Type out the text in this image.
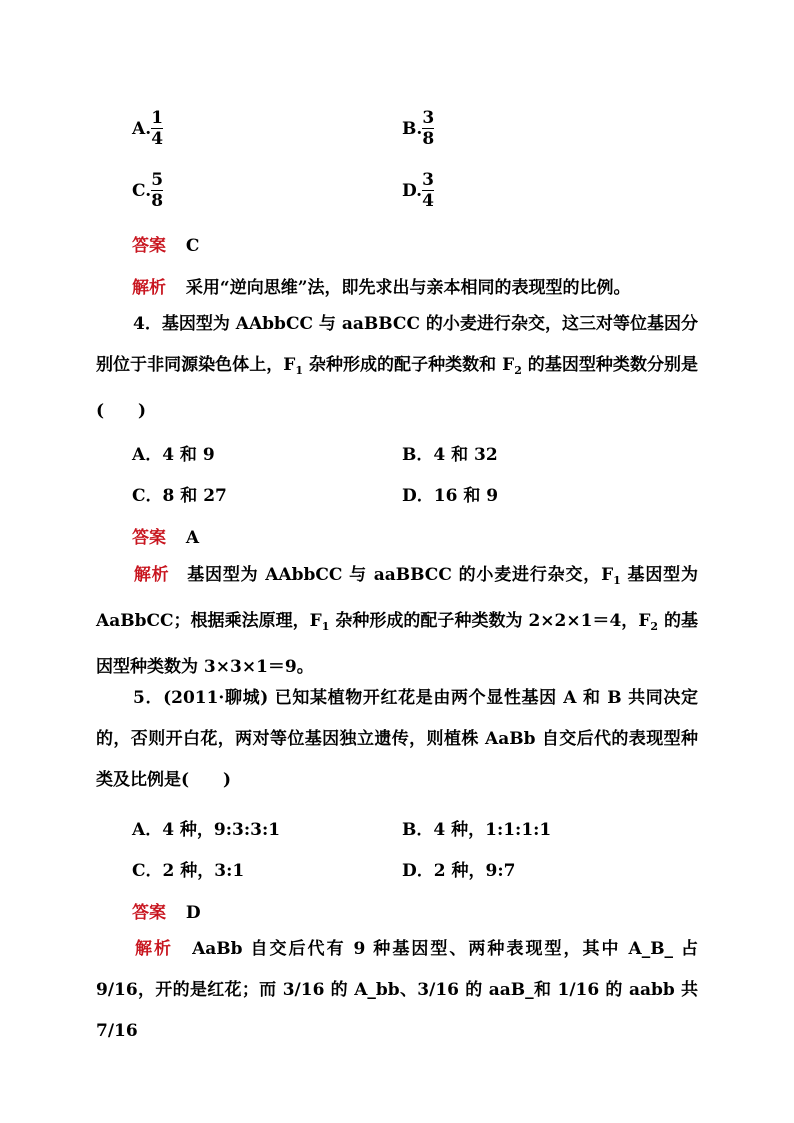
A. $\frac{1}{4}$	B. $\frac{3}{8}$
C. $\frac{5}{8}$	D. $\frac{3}{4}$
答案 C
解析 采用“逆向思维”法，即先求出与亲本相同的表现型的比例。
4．基因型为 AAbbCC 与 aaBBCC 的小麦进行杂交，这三对等位基因分别位于非同源染色体上，$F_1$ 杂种形成的配子种类数和 $F_2$ 的基因型种类数分别是(　　)
A．4 和 9	B．4 和 32
C．8 和 27	D．16 和 9
答案 A
解析　 基因型为 AAbbCC 与 aaBBCC 的小麦进行杂交，$F_1$ 基因型为 AaBbCC；根据乘法原理，$F_1$ 杂种形成的配子种类数为 2×2×1＝4，$F_2$ 的基因型种类数为 3×3×1＝9。
5．(2011·聊城) 已知某植物开红花是由两个显性基因 A 和 B 共同决定的，否则开白花，两对等位基因独立遗传，则植株 AaBb 自交后代的表现型种类及比例是(　　)
A．4 种，9:3:3:1	B．4 种，1:1:1:1
C．2 种，3:1	D．2 种，9:7
答案 D
解析　 AaBb 自交后代有 9 种基因型、两种表现型，其中 A_B_ 占 9/16，开的是红花；而 3/16 的 A_bb、3/16 的 aaB_和 1/16 的 aabb 共 7/16
